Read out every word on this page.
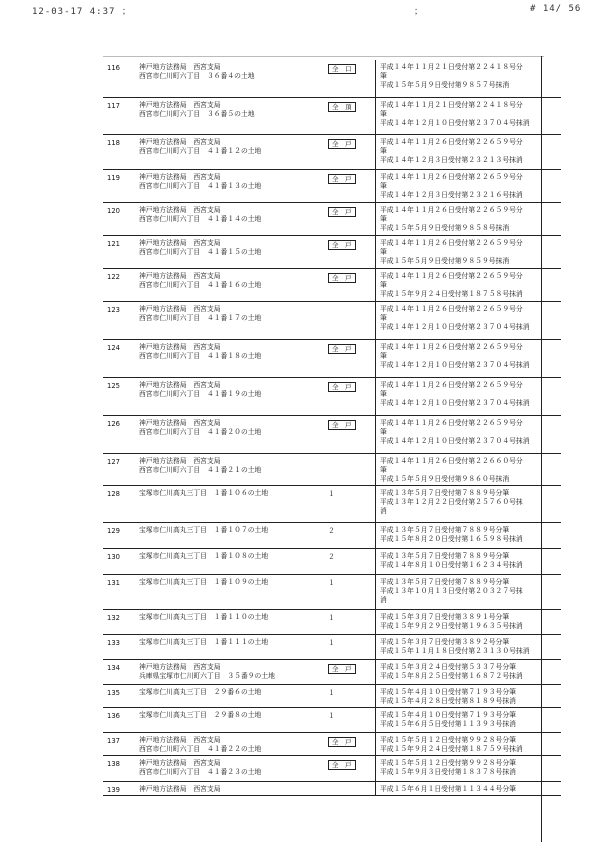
12-03-17 4:37 ；	；	# 14/ 56
116	神戸地方法務局　西宮支局
西宮市仁川町六丁目　３６番４の土地	全　口	平成１４年１１月２１日受付第２２４１８号分
筆
平成１５年５月９日受付第９８５７号抹消

117	神戸地方法務局　西宮支局
西宮市仁川町六丁目　３６番５の土地	全　頂	平成１４年１１月２１日受付第２２４１８号分
筆
平成１４年１２月１０日受付第２３７０４号抹消

118	神戸地方法務局　西宮支局
西宮市仁川町六丁目　４１番１２の土地	全　戸	平成１４年１１月２６日受付第２２６５９号分
筆
平成１４年１２月３日受付第２３２１３号抹消

119	神戸地方法務局　西宮支局
西宮市仁川町六丁目　４１番１３の土地	全　戸	平成１４年１１月２６日受付第２２６５９号分
筆
平成１４年１２月３日受付第２３２１６号抹消

120	神戸地方法務局　西宮支局
西宮市仁川町六丁目　４１番１４の土地	全　戸	平成１４年１１月２６日受付第２２６５９号分
筆
平成１５年５月９日受付第９８５８号抹消

121	神戸地方法務局　西宮支局
西宮市仁川町六丁目　４１番１５の土地	全　戸	平成１４年１１月２６日受付第２２６５９号分
筆
平成１５年５月９日受付第９８５９号抹消

122	神戸地方法務局　西宮支局
西宮市仁川町六丁目　４１番１６の土地	全　戸	平成１４年１１月２６日受付第２２６５９号分
筆
平成１５年９月２４日受付第１８７５８号抹消

123	神戸地方法務局　西宮支局
西宮市仁川町六丁目　４１番１７の土地		平成１４年１１月２６日受付第２２６５９号分
筆
平成１４年１２月１０日受付第２３７０４号抹消

124	神戸地方法務局　西宮支局
西宮市仁川町六丁目　４１番１８の土地	全　戸	平成１４年１１月２６日受付第２２６５９号分
筆
平成１４年１２月１０日受付第２３７０４号抹消

125	神戸地方法務局　西宮支局
西宮市仁川町六丁目　４１番１９の土地	全　戸	平成１４年１１月２６日受付第２２６５９号分
筆
平成１４年１２月１０日受付第２３７０４号抹消

126	神戸地方法務局　西宮支局
西宮市仁川町六丁目　４１番２０の土地	全　戸	平成１４年１１月２６日受付第２２６５９号分
筆
平成１４年１２月１０日受付第２３７０４号抹消

127	神戸地方法務局　西宮支局
西宮市仁川町六丁目　４１番２１の土地		平成１４年１１月２６日受付第２２６６０号分
筆
平成１５年５月９日受付第９８６０号抹消

128	宝塚市仁川高丸三丁目　１番１０６の土地	１	平成１３年５月７日受付第７８８９号分筆
平成１３年１２月２２日受付第２５７６０号抹
消

129	宝塚市仁川高丸三丁目　１番１０７の土地	２	平成１３年５月７日受付第７８８９号分筆
平成１５年８月２０日受付第１６５９８号抹消

130	宝塚市仁川高丸三丁目　１番１０８の土地	２	平成１３年５月７日受付第７８８９号分筆
平成１４年８月１０日受付第１６２３４号抹消

131	宝塚市仁川高丸三丁目　１番１０９の土地	１	平成１３年５月７日受付第７８８９号分筆
平成１３年１０月１３日受付第２０３２７号抹
消

132	宝塚市仁川高丸三丁目　１番１１０の土地	１	平成１５年３月７日受付第３８９１号分筆
平成１５年９月２９日受付第１９６３５号抹消

133	宝塚市仁川高丸三丁目　１番１１１の土地	１	平成１５年３月７日受付第３８９２号分筆
平成１５年１１月１８日受付第２３１３０号抹消

134	神戸地方法務局　西宮支局
兵庫県宝塚市仁川町六丁目　３５番９の土地	全　戸	平成１５年３月２４日受付第５３３７号分筆
平成１５年８月２５日受付第１６８７２号抹消

135	宝塚市仁川高丸三丁目　２９番６の土地	１	平成１５年４月１０日受付第７１９３号分筆
平成１５年４月２８日受付第８１８９号抹消

136	宝塚市仁川高丸三丁目　２９番８の土地	１	平成１５年４月１０日受付第７１９３号分筆
平成１５年６月５日受付第１１３９３号抹消

137	神戸地方法務局　西宮支局
西宮市仁川町六丁目　４１番２２の土地	全　戸	平成１５年５月１２日受付第９９２８号分筆
平成１５年９月２４日受付第１８７５９号抹消

138	神戸地方法務局　西宮支局
西宮市仁川町六丁目　４１番２３の土地	全　戸	平成１５年５月１２日受付第９９２８号分筆
平成１５年９月３日受付第１８３７８号抹消

139	神戸地方法務局　西宮支局		平成１５年６月１日受付第１１３４４号分筆
